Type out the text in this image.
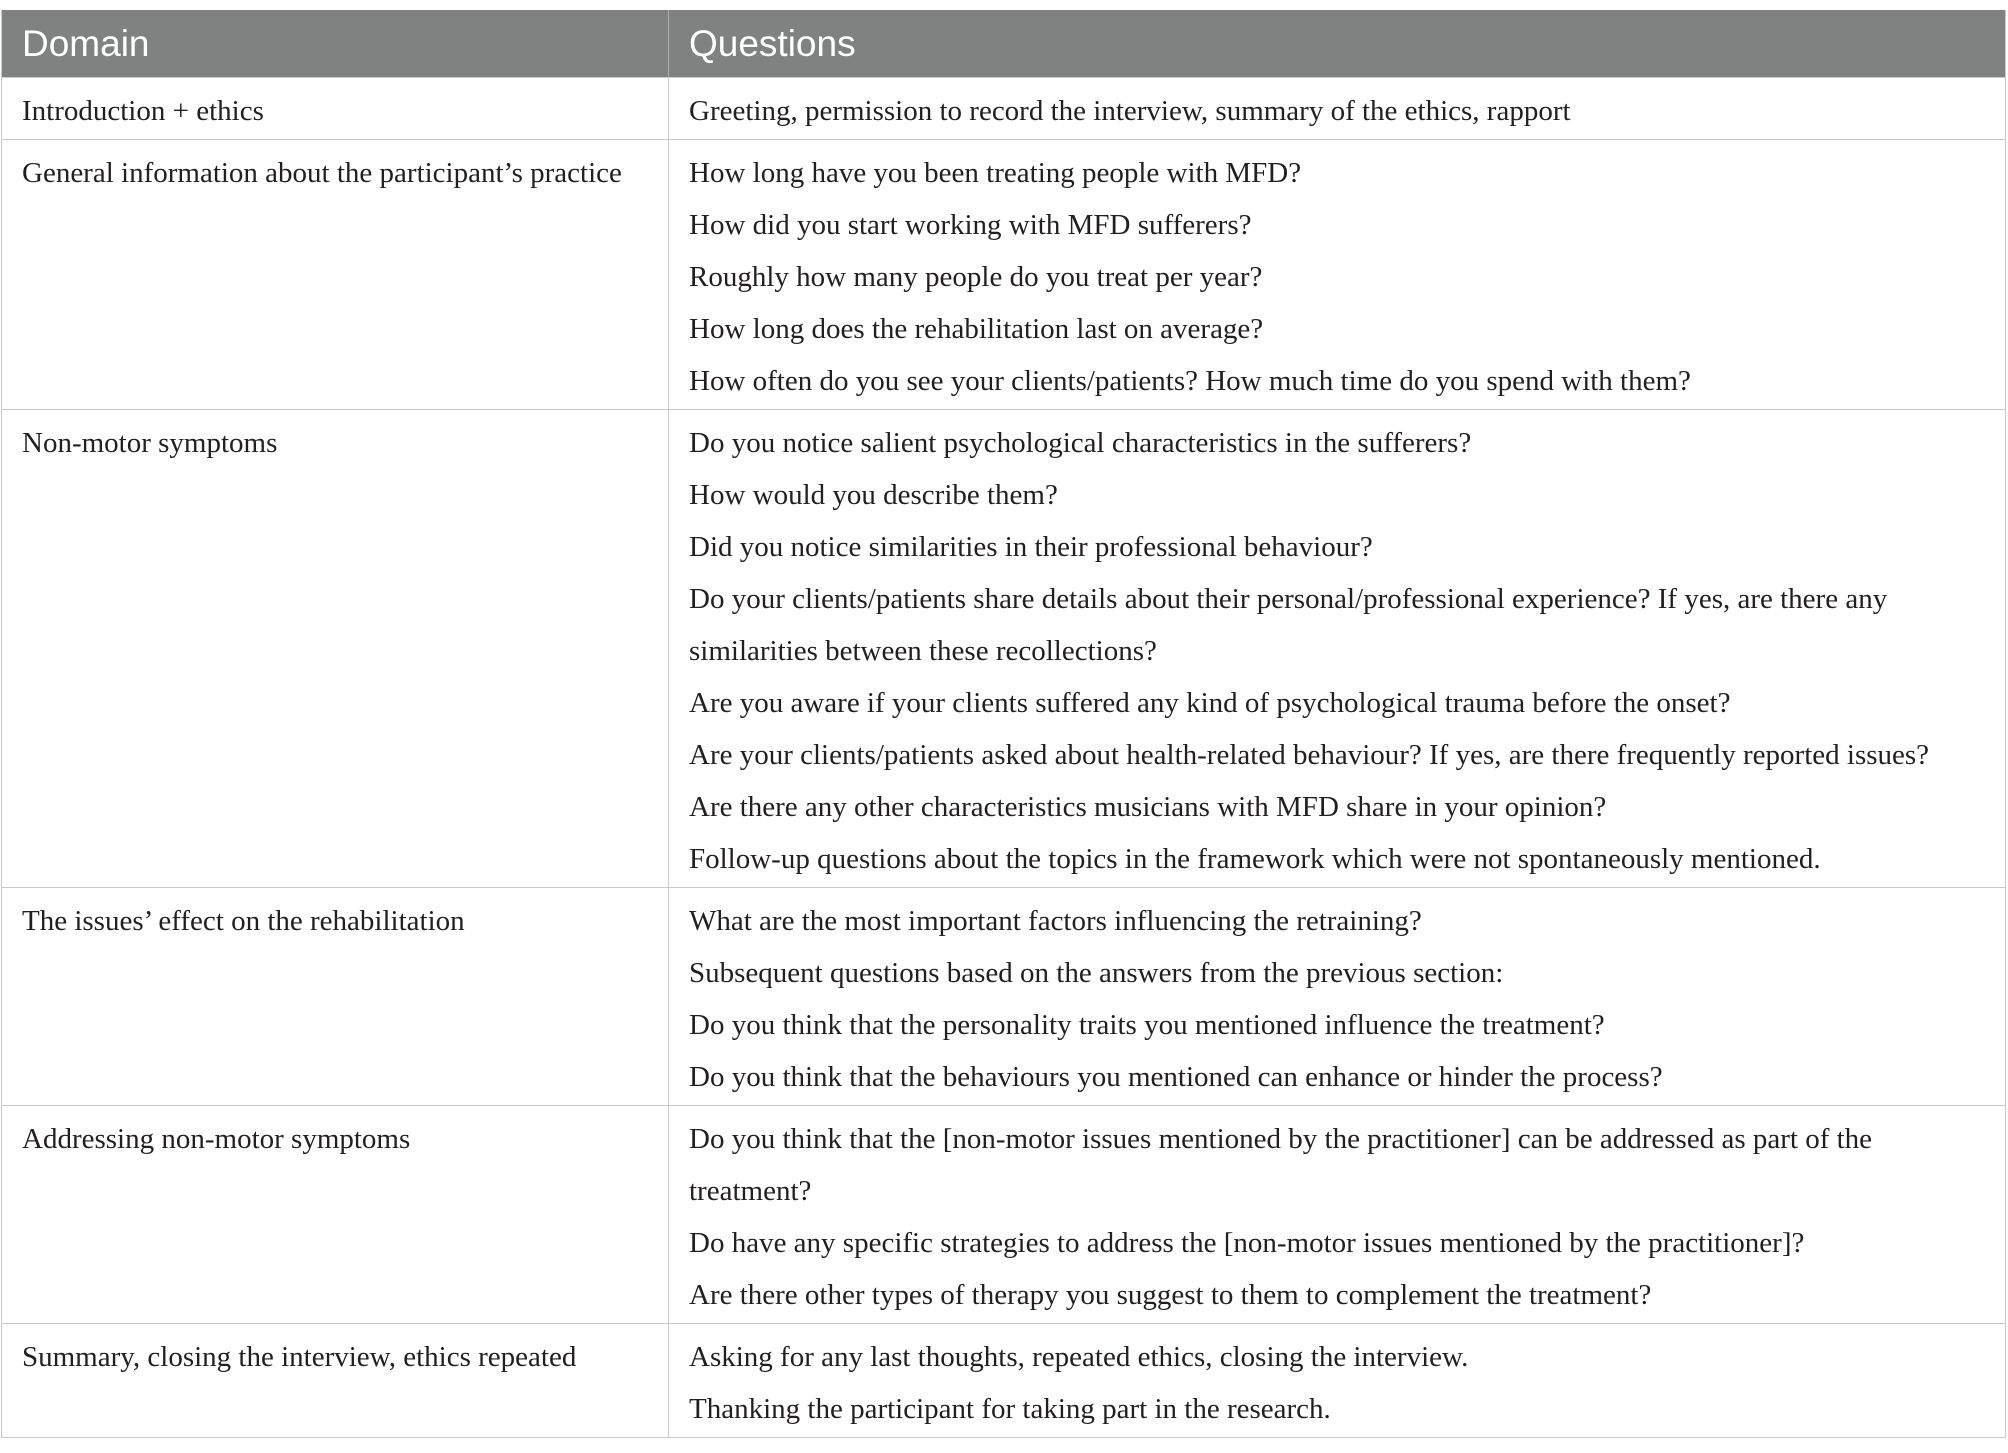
Domain	Questions
Introduction + ethics	Greeting, permission to record the interview, summary of the ethics, rapport
General information about the participant’s practice	How long have you been treating people with MFD?
How did you start working with MFD sufferers?
Roughly how many people do you treat per year?
How long does the rehabilitation last on average?
How often do you see your clients/patients? How much time do you spend with them?
Non-motor symptoms	Do you notice salient psychological characteristics in the sufferers?
How would you describe them?
Did you notice similarities in their professional behaviour?
Do your clients/patients share details about their personal/professional experience? If yes, are there any similarities between these recollections?
Are you aware if your clients suffered any kind of psychological trauma before the onset?
Are your clients/patients asked about health-related behaviour? If yes, are there frequently reported issues?
Are there any other characteristics musicians with MFD share in your opinion?
Follow-up questions about the topics in the framework which were not spontaneously mentioned.
The issues’ effect on the rehabilitation	What are the most important factors influencing the retraining?
Subsequent questions based on the answers from the previous section:
Do you think that the personality traits you mentioned influence the treatment?
Do you think that the behaviours you mentioned can enhance or hinder the process?
Addressing non-motor symptoms	Do you think that the [non-motor issues mentioned by the practitioner] can be addressed as part of the treatment?
Do have any specific strategies to address the [non-motor issues mentioned by the practitioner]?
Are there other types of therapy you suggest to them to complement the treatment?
Summary, closing the interview, ethics repeated	Asking for any last thoughts, repeated ethics, closing the interview.
Thanking the participant for taking part in the research.
